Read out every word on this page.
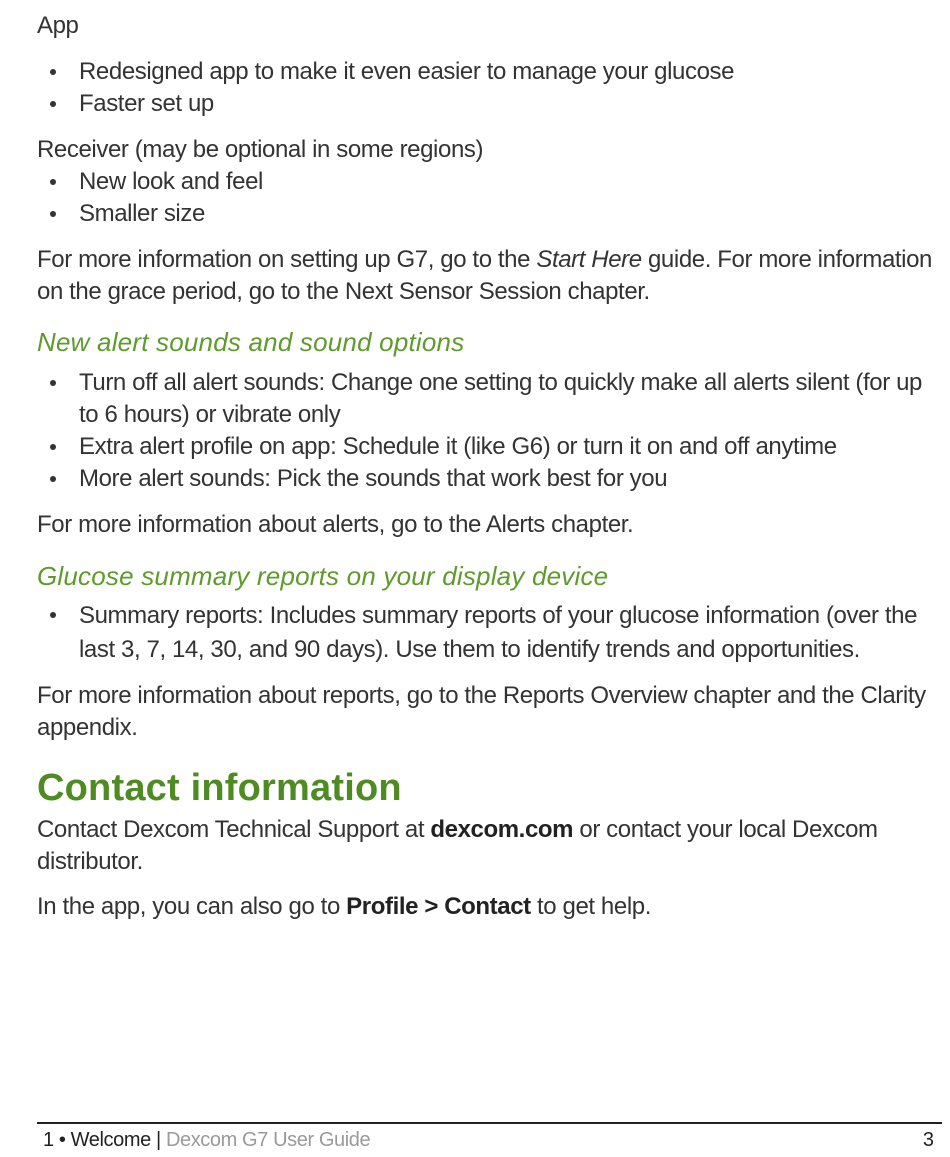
App

Redesigned app to make it even easier to manage your glucose
Faster set up

Receiver (may be optional in some regions)

New look and feel
Smaller size

For more information on setting up G7, go to the Start Here guide. For more information on the grace period, go to the Next Sensor Session chapter.

New alert sounds and sound options
Turn off all alert sounds: Change one setting to quickly make all alerts silent (for up to 6 hours) or vibrate only
Extra alert profile on app: Schedule it (like G6) or turn it on and off anytime
More alert sounds: Pick the sounds that work best for you

For more information about alerts, go to the Alerts chapter.

Glucose summary reports on your display device
Summary reports: Includes summary reports of your glucose information (over the last 3, 7, 14, 30, and 90 days). Use them to identify trends and opportunities.

For more information about reports, go to the Reports Overview chapter and the Clarity appendix.

Contact information

Contact Dexcom Technical Support at dexcom.com or contact your local Dexcom distributor.

In the app, you can also go to Profile > Contact to get help.

1 • Welcome | Dexcom G7 User Guide	3
